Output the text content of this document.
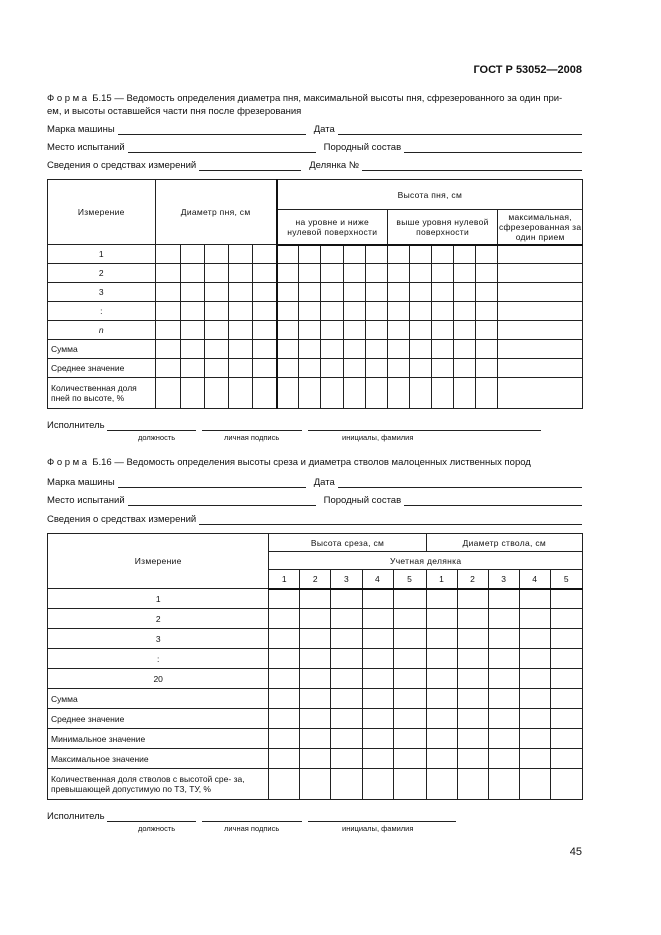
ГОСТ Р 53052—2008
Форма Б.15 — Ведомость определения диаметра пня, максимальной высоты пня, сфрезерованного за один при-
ем, и высоты оставшейся части пня после фрезерования
Марка машины	Дата
Место испытаний	Породный состав
Сведения о средствах измерений	Делянка №
Измерение	Диаметр пня, см					Высота пня, см										
						на уровне и ниже нулевой поверхности					выше уровня нулевой поверхности					максимальная, сфрезерованная за один прием
1																
2																
3																
:																
n																
Сумма																
Среднее значение																
Количественная доля пней по высоте, %																
Исполнитель
должность	личная подпись	инициалы, фамилия
Форма Б.16 — Ведомость определения высоты среза и диаметра стволов малоценных лиственных пород
Марка машины	Дата
Место испытаний	Породный состав
Сведения о средствах измерений
Измерение	Высота среза, см					Диаметр ствола, см				
	Учетная делянка									
	1	2	3	4	5	1	2	3	4	5
1										
2										
3										
:										
20										
Сумма										
Среднее значение										
Минимальное значение										
Максимальное значение										
Количественная доля стволов с высотой сре- за, превышающей допустимую по ТЗ, ТУ, %										
Исполнитель
должность	личная подпись	инициалы, фамилия
45
